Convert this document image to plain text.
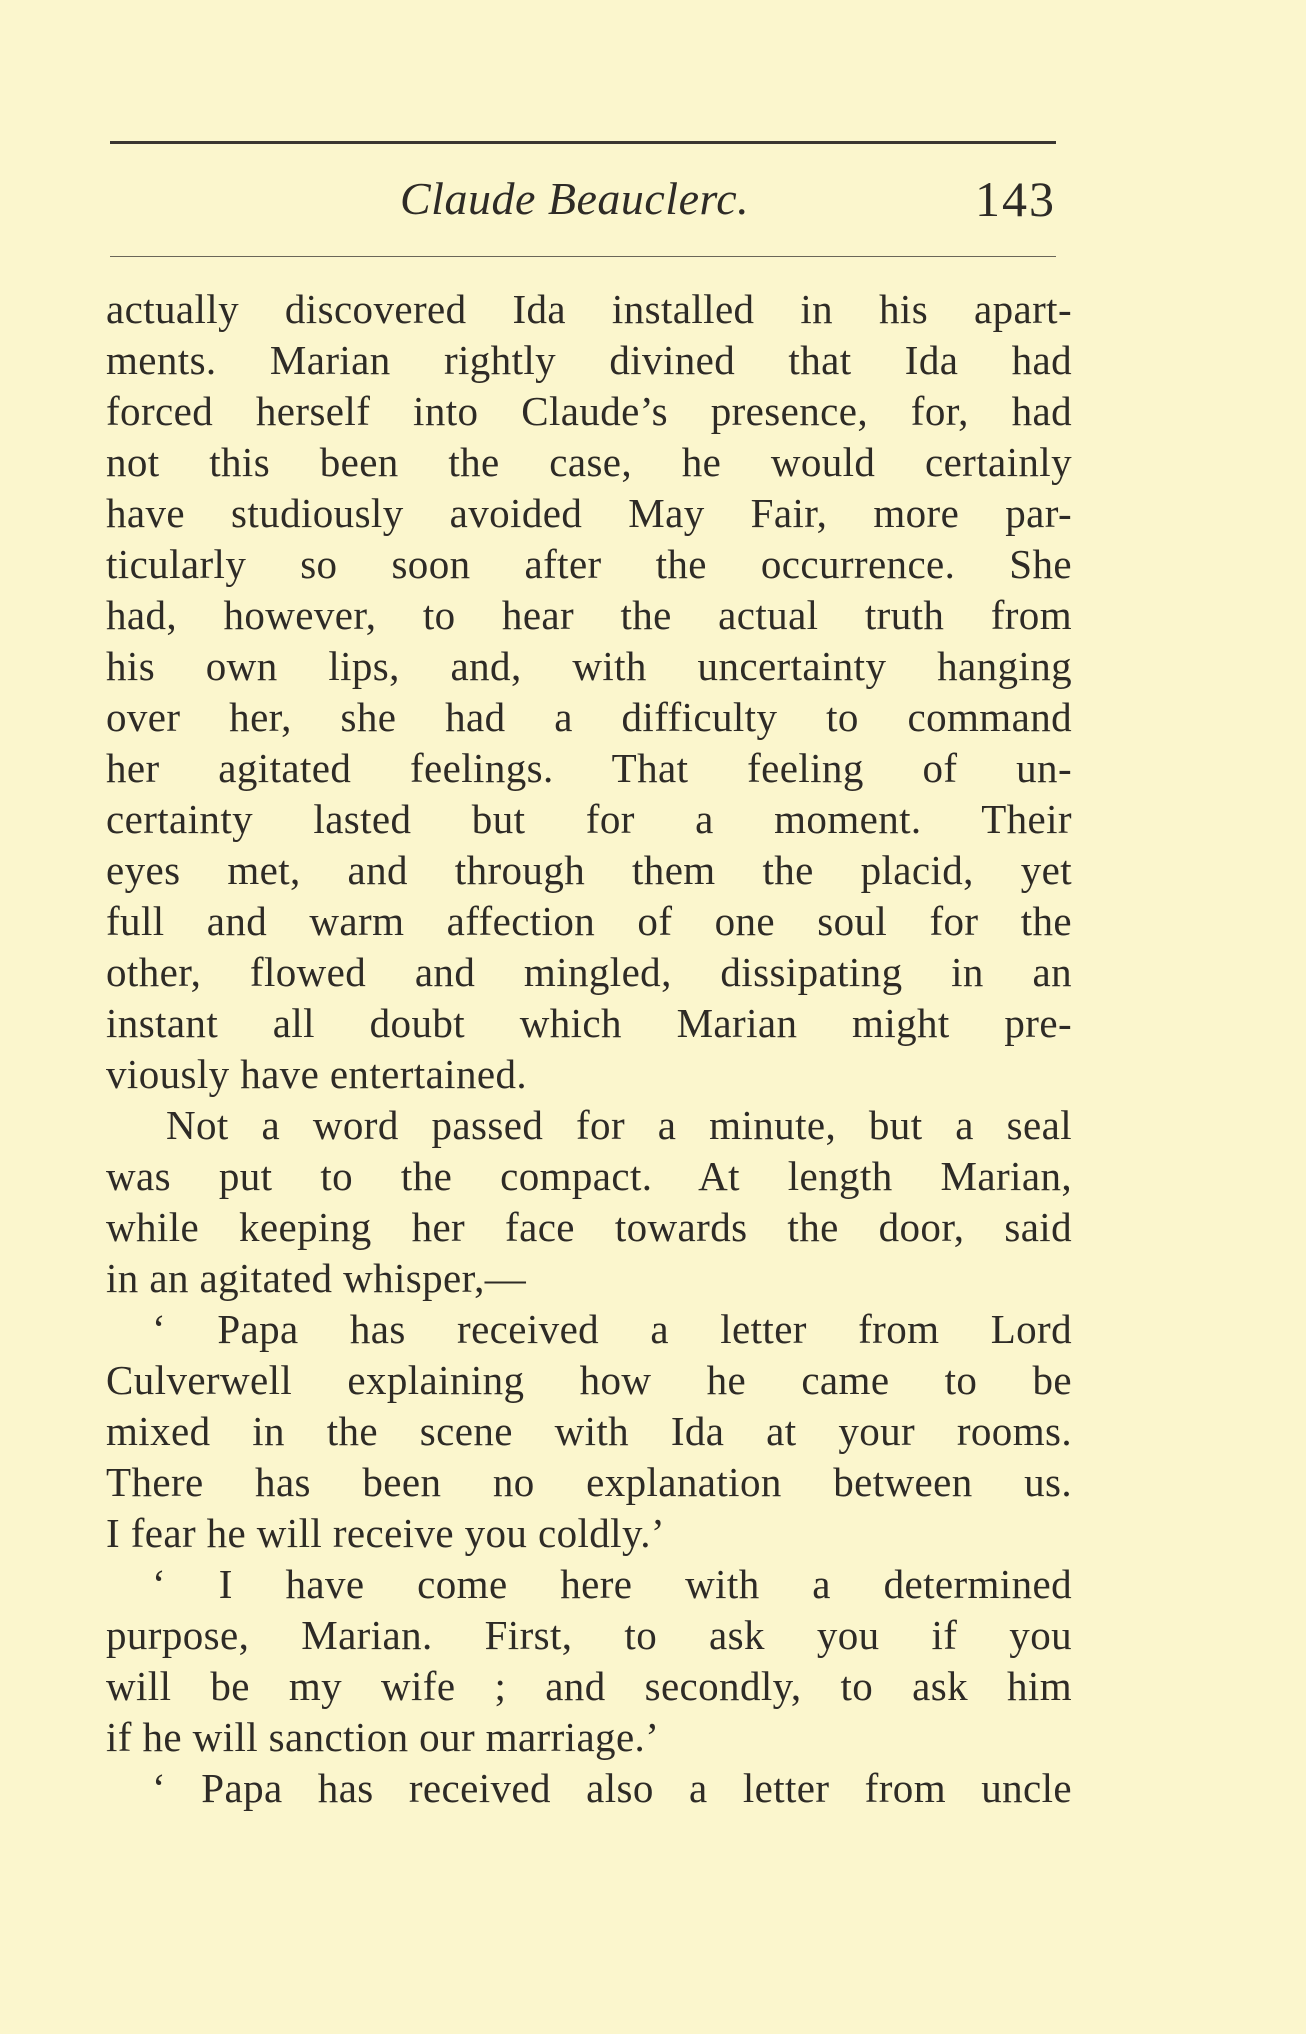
Claude Beauclerc.	143
actually discovered Ida installed in his apart-
ments. Marian rightly divined that Ida had
forced herself into Claude’s presence, for, had
not this been the case, he would certainly
have studiously avoided May Fair, more par-
ticularly so soon after the occurrence. She
had, however, to hear the actual truth from
his own lips, and, with uncertainty hanging
over her, she had a difficulty to command
her agitated feelings. That feeling of un-
certainty lasted but for a moment. Their
eyes met, and through them the placid, yet
full and warm affection of one soul for the
other, flowed and mingled, dissipating in an
instant all doubt which Marian might pre-
viously have entertained.
Not a word passed for a minute, but a seal
was put to the compact. At length Marian,
while keeping her face towards the door, said
in an agitated whisper,—
‘ Papa has received a letter from Lord
Culverwell explaining how he came to be
mixed in the scene with Ida at your rooms.
There has been no explanation between us.
I fear he will receive you coldly.’
‘ I have come here with a determined
purpose, Marian. First, to ask you if you
will be my wife ; and secondly, to ask him
if he will sanction our marriage.’
‘ Papa has received also a letter from uncle
